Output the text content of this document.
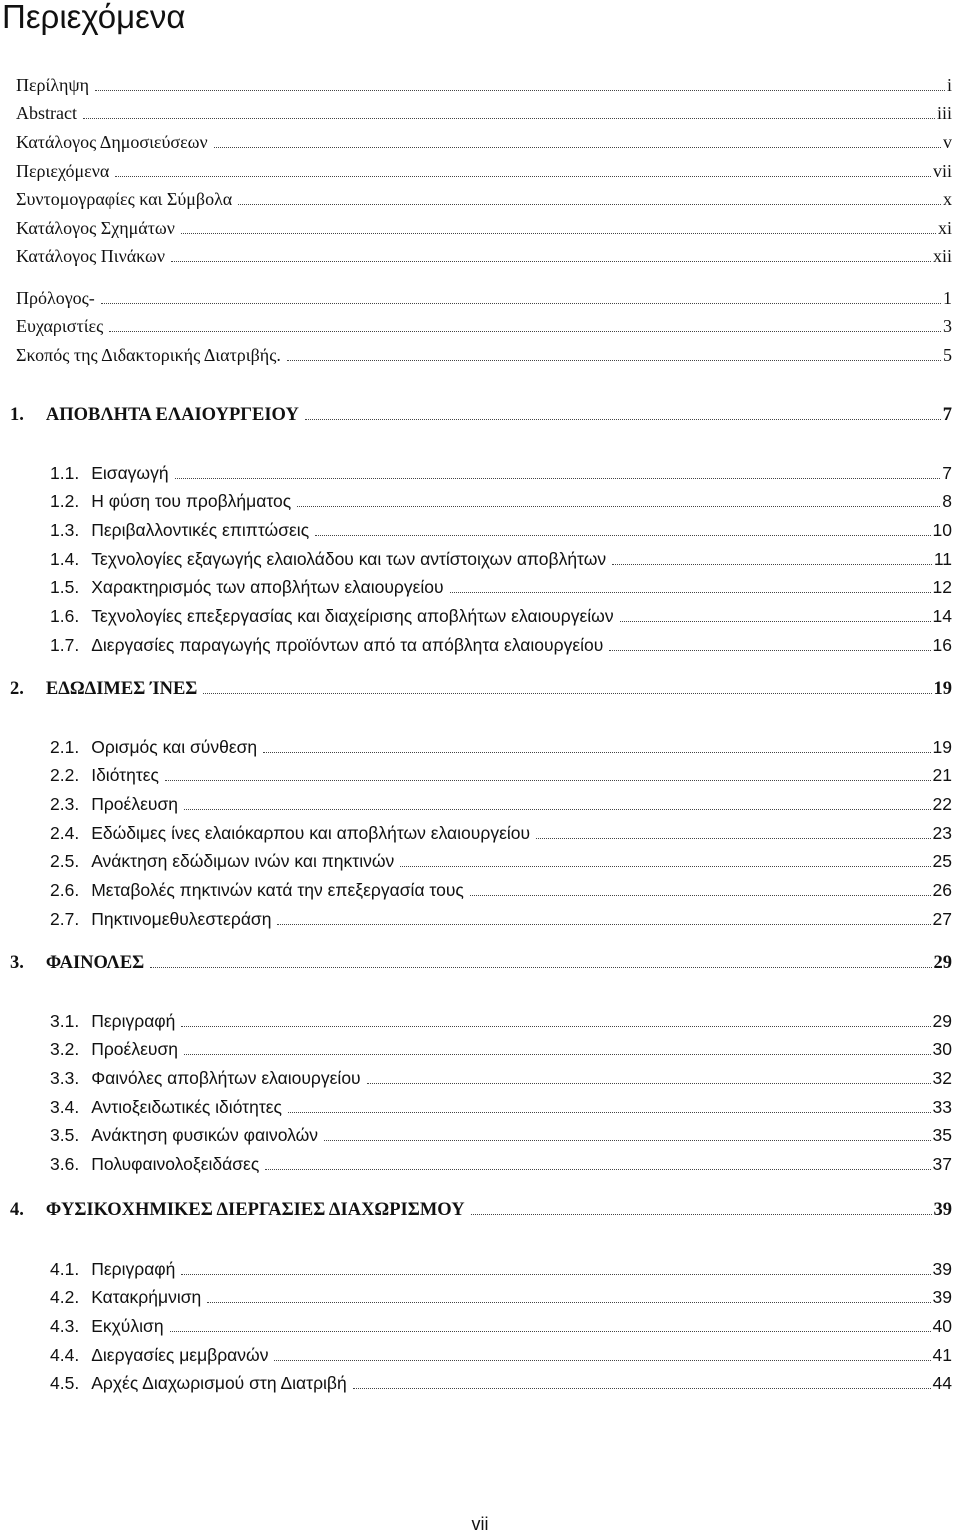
Περιεχόμενα
Περίληψη	i
Abstract	iii
Κατάλογος Δημοσιεύσεων	v
Περιεχόμενα	vii
Συντομογραφίες και Σύμβολα	x
Κατάλογος Σχημάτων	xi
Κατάλογος Πινάκων	xii
Πρόλογος-	1
Ευχαριστίες	3
Σκοπός της Διδακτορικής Διατριβής.	5
1. ΑΠΟΒΛΗΤΑ ΕΛΑΙΟΥΡΓΕΙΟΥ	7
1.1. Εισαγωγή	7
1.2. Η φύση του προβλήματος	8
1.3. Περιβαλλοντικές επιπτώσεις	10
1.4. Τεχνολογίες εξαγωγής ελαιολάδου και των αντίστοιχων αποβλήτων	11
1.5. Χαρακτηρισμός των αποβλήτων ελαιουργείου	12
1.6. Τεχνολογίες επεξεργασίας και διαχείρισης αποβλήτων ελαιουργείων	14
1.7. Διεργασίες παραγωγής προϊόντων από τα απόβλητα ελαιουργείου	16
2. ΕΔΩΔΙΜΕΣ ΊΝΕΣ	19
2.1. Ορισμός και σύνθεση	19
2.2. Ιδιότητες	21
2.3. Προέλευση	22
2.4. Εδώδιμες ίνες ελαιόκαρπου και αποβλήτων ελαιουργείου	23
2.5. Ανάκτηση εδώδιμων ινών και πηκτινών	25
2.6. Μεταβολές πηκτινών κατά την επεξεργασία τους	26
2.7. Πηκτινομεθυλεστεράση	27
3. ΦΑΙΝΟΛΕΣ	29
3.1. Περιγραφή	29
3.2. Προέλευση	30
3.3. Φαινόλες αποβλήτων ελαιουργείου	32
3.4. Αντιοξειδωτικές ιδιότητες	33
3.5. Ανάκτηση φυσικών φαινολών	35
3.6. Πολυφαινολοξειδάσες	37
4. ΦΥΣΙΚΟΧΗΜΙΚΕΣ ΔΙΕΡΓΑΣΙΕΣ ΔΙΑΧΩΡΙΣΜΟΥ	39
4.1. Περιγραφή	39
4.2. Κατακρήμνιση	39
4.3. Εκχύλιση	40
4.4. Διεργασίες μεμβρανών	41
4.5. Αρχές Διαχωρισμού στη Διατριβή	44
vii
